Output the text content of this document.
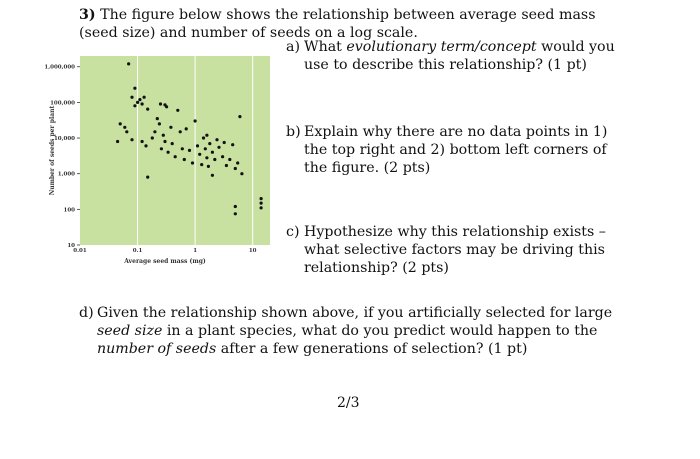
3) The figure below shows the relationship between average seed mass (seed size) and number of seeds on a log scale.
0.01	0.1	1	10
10
100
1,000
10,000
100,000
1,000,000
Average seed mass (mg)
Number of seeds per plant
a) What evolutionary term/concept would you use to describe this relationship? (1 pt)
b) Explain why there are no data points in 1) the top right and 2) bottom left corners of the figure. (2 pts)
c) Hypothesize why this relationship exists – what selective factors may be driving this relationship? (2 pts)
d) Given the relationship shown above, if you artificially selected for large seed size in a plant species, what do you predict would happen to the number of seeds after a few generations of selection? (1 pt)
2/3
